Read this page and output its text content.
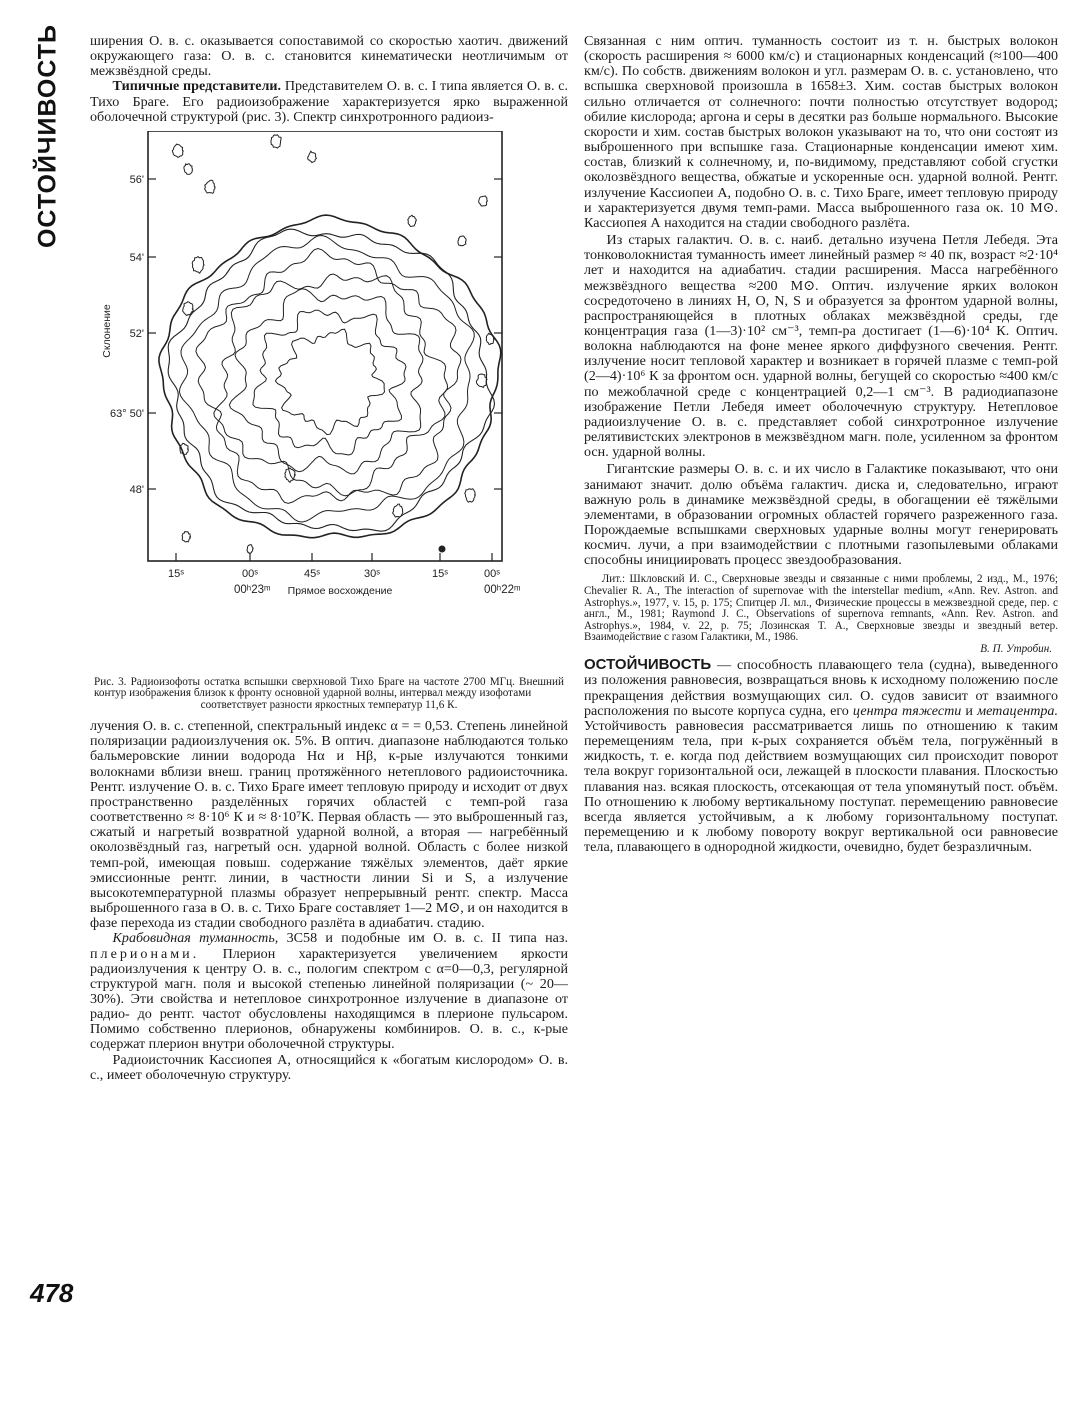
ОСТОЙЧИВОСТЬ ширения О. в. с. оказывается сопоставимой со скоростью хаотич. движений окружающего газа: О. в. с. становится кинематически неотличимым от межзвёздной среды.

Типичные представители. Представителем О. в. с. I типа является О. в. с. Тихо Браге. Его радиоизображение характеризуется ярко выраженной оболочечной структурой (рис. 3). Спектр синхротронного радиоиз-

56'
54'
52'
63° 50'
48'
15ˢ	00ˢ	45ˢ	30ˢ	15ˢ	00ˢ
00ʰ23ᵐ	00ʰ22ᵐ
Прямое восхождение
Склонение
Рис. 3. Радиоизофоты остатка вспышки сверхновой Тихо Браге на частоте 2700 МГц. Внешний контур изображения близок к фронту основной ударной волны, интервал между изофотами
соответствует разности яркостных температур 11,6 К.

лучения О. в. с. степенной, спектральный индекс α = = 0,53. Степень линейной поляризации радиоизлучения ок. 5%. В оптич. диапазоне наблюдаются только бальмеровские линии водорода Hα и Hβ, к-рые излучаются тонкими волокнами вблизи внеш. границ протяжённого нетеплового радиоисточника. Рентг. излучение О. в. с. Тихо Браге имеет тепловую природу и исходит от двух пространственно разделённых горячих областей с темп-рой газа соответственно ≈ 8·10⁶ К и ≈ 8·10⁷К. Первая область — это выброшенный газ, сжатый и нагретый возвратной ударной волной, а вторая — нагребённый околозвёздный газ, нагретый осн. ударной волной. Область с более низкой темп-рой, имеющая повыш. содержание тяжёлых элементов, даёт яркие эмиссионные рентг. линии, в частности линии Si и S, а излучение высокотемпературной плазмы образует непрерывный рентг. спектр. Масса выброшенного газа в О. в. с. Тихо Браге составляет 1—2 M⊙, и он находится в фазе перехода из стадии свободного разлёта в адиабатич. стадию.

Крабовидная туманность, 3С58 и подобные им О. в. с. II типа наз. плерионами. Плерион характеризуется увеличением яркости радиоизлучения к центру О. в. с., пологим спектром с α=0—0,3, регулярной структурой магн. поля и высокой степенью линейной поляризации (~ 20—30%). Эти свойства и нетепловое синхротронное излучение в диапазоне от радио- до рентг. частот обусловлены находящимся в плерионе пульсаром. Помимо собственно плерионов, обнаружены комбиниров. О. в. с., к-рые содержат плерион внутри оболочечной структуры.

Радиоисточник Кассиопея А, относящийся к «богатым кислородом» О. в. с., имеет оболочечную структуру.

478

Связанная с ним оптич. туманность состоит из т. н. быстрых волокон (скорость расширения ≈ 6000 км/с) и стационарных конденсаций (≈100—400 км/с). По собств. движениям волокон и угл. размерам О. в. с. установлено, что вспышка сверхновой произошла в 1658±3. Хим. состав быстрых волокон сильно отличается от солнечного: почти полностью отсутствует водород; обилие кислорода; аргона и серы в десятки раз больше нормального. Высокие скорости и хим. состав быстрых волокон указывают на то, что они состоят из выброшенного при вспышке газа. Стационарные конденсации имеют хим. состав, близкий к солнечному, и, по-видимому, представляют собой сгустки околозвёздного вещества, обжатые и ускоренные осн. ударной волной. Рентг. излучение Кассиопеи А, подобно О. в. с. Тихо Браге, имеет тепловую природу и характеризуется двумя темп-рами. Масса выброшенного газа ок. 10 M⊙. Кассиопея А находится на стадии свободного разлёта.

Из старых галактич. О. в. с. наиб. детально изучена Петля Лебедя. Эта тонковолокнистая туманность имеет линейный размер ≈ 40 пк, возраст ≈2·10⁴ лет и находится на адиабатич. стадии расширения. Масса нагребённого межзвёздного вещества ≈200 M⊙. Оптич. излучение ярких волокон сосредоточено в линиях H, O, N, S и образуется за фронтом ударной волны, распространяющейся в плотных облаках межзвёздной среды, где концентрация газа (1—3)·10² см⁻³, темп-ра достигает (1—6)·10⁴ К. Оптич. волокна наблюдаются на фоне менее яркого диффузного свечения. Рентг. излучение носит тепловой характер и возникает в горячей плазме с темп-рой (2—4)·10⁶ К за фронтом осн. ударной волны, бегущей со скоростью ≈400 км/с по межоблачной среде с концентрацией 0,2—1 см⁻³. В радиодиапазоне изображение Петли Лебедя имеет оболочечную структуру. Нетепловое радиоизлучение О. в. с. представляет собой синхротронное излучение релятивистских электронов в межзвёздном магн. поле, усиленном за фронтом осн. ударной волны.

Гигантские размеры О. в. с. и их число в Галактике показывают, что они занимают значит. долю объёма галактич. диска и, следовательно, играют важную роль в динамике межзвёздной среды, в обогащении её тяжёлыми элементами, в образовании огромных областей горячего разреженного газа. Порождаемые вспышками сверхновых ударные волны могут генерировать космич. лучи, а при взаимодействии с плотными газопылевыми облаками способны инициировать процесс звездообразования.

Лит.: Шкловский И. С., Сверхновые звезды и связанные с ними проблемы, 2 изд., М., 1976; Chevalier R. A., The interaction of supernovae with the interstellar medium, «Ann. Rev. Astron. and Astrophys.», 1977, v. 15, p. 175; Спитцер Л. мл., Физические процессы в межзвездной среде, пер. с англ., М., 1981; Raymond J. C., Observations of supernova remnants, «Ann. Rev. Astron. and Astrophys.», 1984, v. 22, p. 75; Лозинская Т. А., Сверхновые звезды и звездный ветер. Взаимодействие с газом Галактики, М., 1986.

В. П. Утробин.

ОСТОЙЧИВОСТЬ — способность плавающего тела (судна), выведенного из положения равновесия, возвращаться вновь к исходному положению после прекращения действия возмущающих сил. О. судов зависит от взаимного расположения по высоте корпуса судна, его центра тяжести и метацентра. Устойчивость равновесия рассматривается лишь по отношению к таким перемещениям тела, при к-рых сохраняется объём тела, погружённый в жидкость, т. е. когда под действием возмущающих сил происходит поворот тела вокруг горизонтальной оси, лежащей в плоскости плавания. Плоскостью плавания наз. всякая плоскость, отсекающая от тела упомянутый пост. объём. По отношению к любому вертикальному поступат. перемещению равновесие всегда является устойчивым, а к любому горизонтальному поступат. перемещению и к любому повороту вокруг вертикальной оси равновесие тела, плавающего в однородной жидкости, очевидно, будет безразличным.
